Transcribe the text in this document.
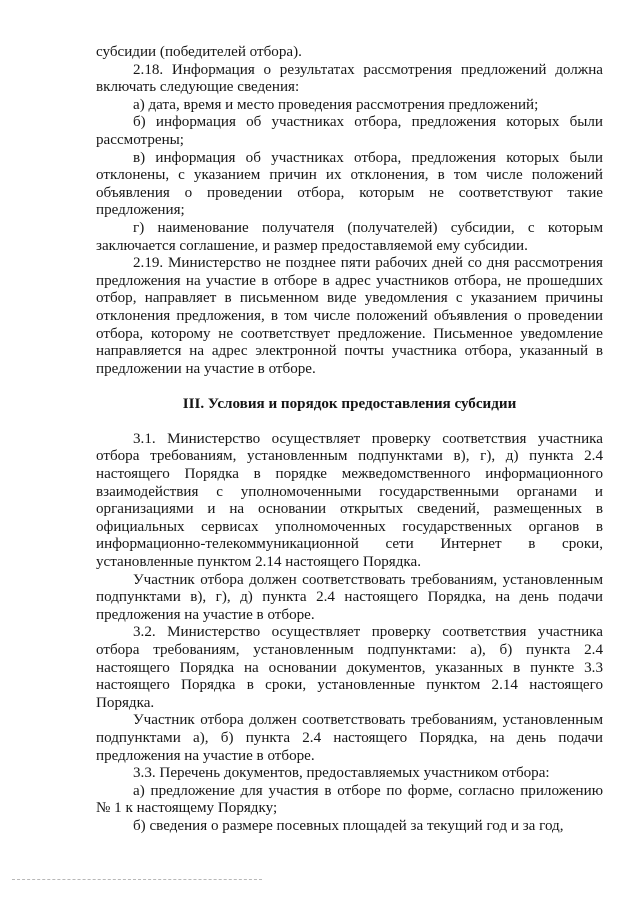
субсидии (победителей отбора).

2.18. Информация о результатах рассмотрения предложений должна включать следующие сведения:

а) дата, время и место проведения рассмотрения предложений;

б) информация об участниках отбора, предложения которых были рассмотрены;

в) информация об участниках отбора, предложения которых были отклонены, с указанием причин их отклонения, в том числе положений объявления о проведении отбора, которым не соответствуют такие предложения;

г) наименование получателя (получателей) субсидии, с которым заключается соглашение, и размер предоставляемой ему субсидии.

2.19. Министерство не позднее пяти рабочих дней со дня рассмотрения предложения на участие в отборе в адрес участников отбора, не прошедших отбор, направляет в письменном виде уведомления с указанием причины отклонения предложения, в том числе положений объявления о проведении отбора, которому не соответствует предложение. Письменное уведомление направляется на адрес электронной почты участника отбора, указанный в предложении на участие в отборе.

III. Условия и порядок предоставления субсидии

3.1. Министерство осуществляет проверку соответствия участника отбора требованиям, установленным подпунктами в), г), д) пункта 2.4 настоящего Порядка в порядке межведомственного информационного взаимодействия с уполномоченными государственными органами и организациями и на основании открытых сведений, размещенных в официальных сервисах уполномоченных государственных органов в информационно-телекоммуникационной сети Интернет в сроки, установленные пунктом 2.14 настоящего Порядка.

Участник отбора должен соответствовать требованиям, установленным подпунктами в), г), д) пункта 2.4 настоящего Порядка, на день подачи предложения на участие в отборе.

3.2. Министерство осуществляет проверку соответствия участника отбора требованиям, установленным подпунктами: а), б) пункта 2.4 настоящего Порядка на основании документов, указанных в пункте 3.3 настоящего Порядка в сроки, установленные пунктом 2.14 настоящего Порядка.

Участник отбора должен соответствовать требованиям, установленным подпунктами а), б) пункта 2.4 настоящего Порядка, на день подачи предложения на участие в отборе.

3.3. Перечень документов, предоставляемых участником отбора:

а) предложение для участия в отборе по форме, согласно приложению № 1 к настоящему Порядку;

б) сведения о размере посевных площадей за текущий год и за год,
